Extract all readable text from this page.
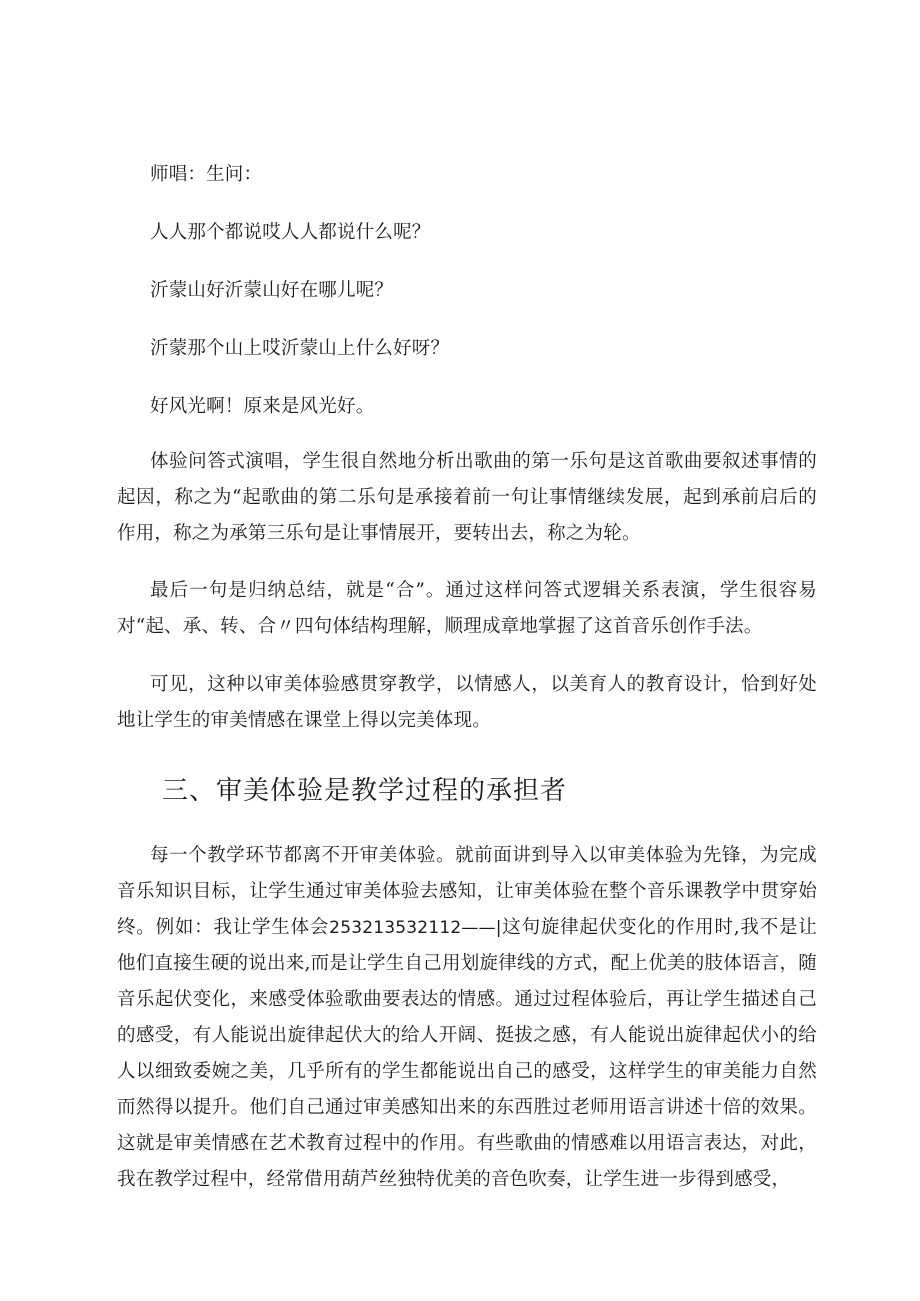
师唱：生问：

人人那个都说哎人人都说什么呢？

沂蒙山好沂蒙山好在哪儿呢？

沂蒙那个山上哎沂蒙山上什么好呀？

好风光啊！原来是风光好。

体验问答式演唱，学生很自然地分析出歌曲的第一乐句是这首歌曲要叙述事情的起因，称之为“起歌曲的第二乐句是承接着前一句让事情继续发展，起到承前启后的作用，称之为承第三乐句是让事情展开，要转出去，称之为轮。

最后一句是归纳总结，就是“合”。通过这样问答式逻辑关系表演，学生很容易对“起、承、转、合〃四句体结构理解，顺理成章地掌握了这首音乐创作手法。

可见，这种以审美体验感贯穿教学，以情感人，以美育人的教育设计，恰到好处地让学生的审美情感在课堂上得以完美体现。

三、审美体验是教学过程的承担者

每一个教学环节都离不开审美体验。就前面讲到导入以审美体验为先锋，为完成音乐知识目标，让学生通过审美体验去感知，让审美体验在整个音乐课教学中贯穿始终。例如：我让学生体会253213532112——|这句旋律起伏变化的作用时,我不是让他们直接生硬的说出来,而是让学生自己用划旋律线的方式，配上优美的肢体语言，随音乐起伏变化，来感受体验歌曲要表达的情感。通过过程体验后，再让学生描述自己的感受，有人能说出旋律起伏大的给人开阔、挺拔之感，有人能说出旋律起伏小的给人以细致委婉之美，几乎所有的学生都能说出自己的感受，这样学生的审美能力自然而然得以提升。他们自己通过审美感知出来的东西胜过老师用语言讲述十倍的效果。这就是审美情感在艺术教育过程中的作用。有些歌曲的情感难以用语言表达，对此，我在教学过程中，经常借用葫芦丝独特优美的音色吹奏，让学生进一步得到感受，
